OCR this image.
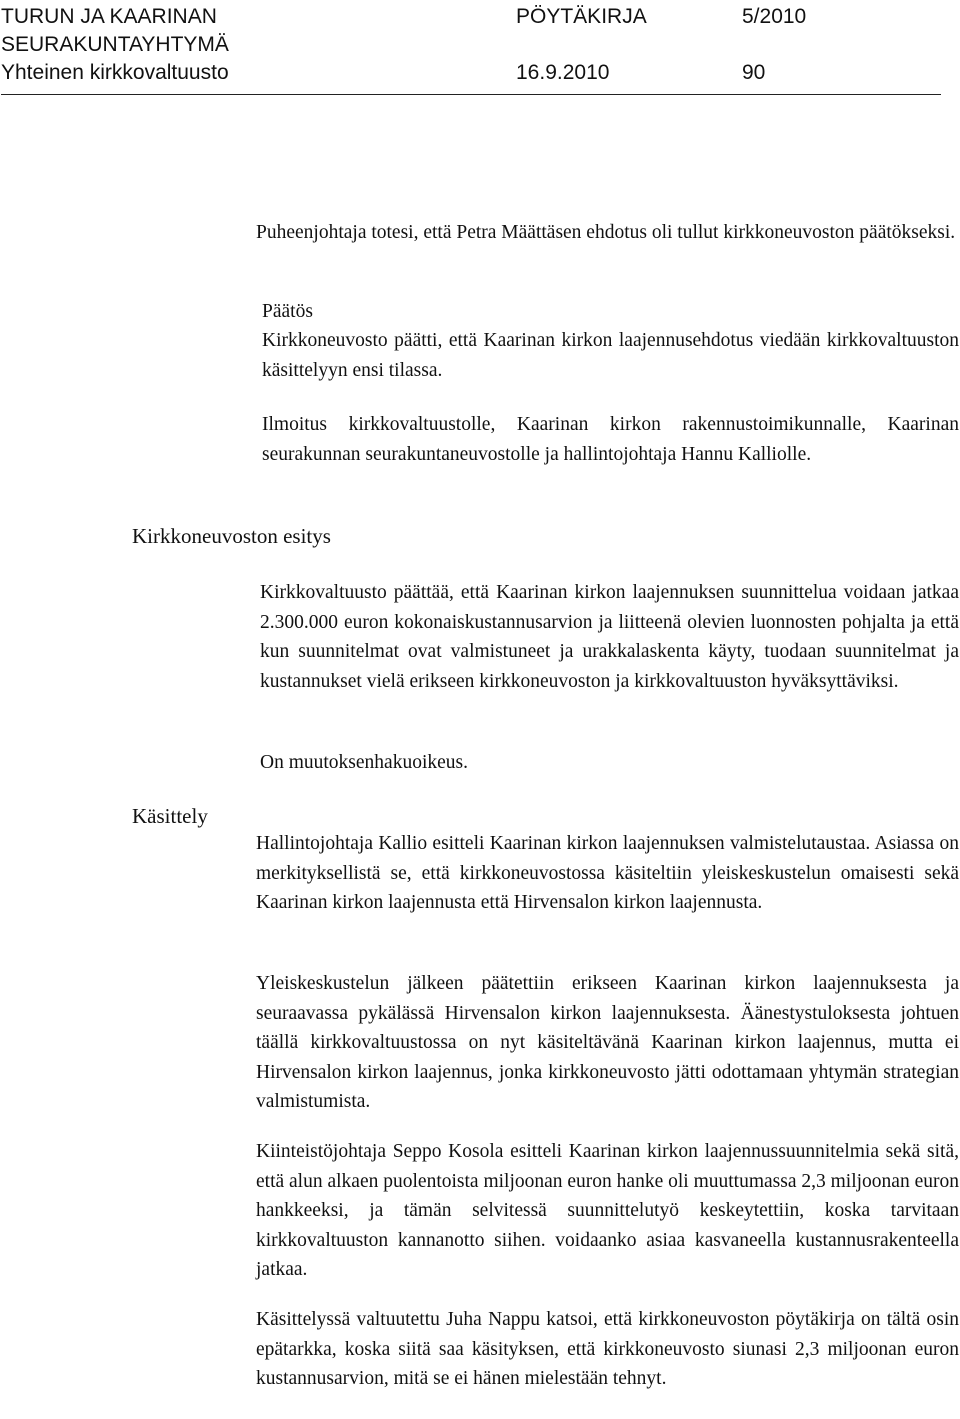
TURUN JA KAARINAN
SEURAKUNTAYHTYMÄ
Yhteinen kirkkovaltuusto
PÖYTÄKIRJA	5/2010
16.9.2010	90

Puheenjohtaja totesi, että Petra Määttäsen ehdotus oli tullut kirkkoneuvoston päätökseksi.

Päätös

Kirkkoneuvosto päätti, että Kaarinan kirkon laajennusehdotus viedään kirkkovaltuuston käsittelyyn ensi tilassa.

Ilmoitus kirkkovaltuustolle, Kaarinan kirkon rakennustoimikunnalle, Kaarinan seurakunnan seurakuntaneuvostolle ja hallintojohtaja Hannu Kalliolle.

Kirkkoneuvoston esitys

Kirkkovaltuusto päättää, että Kaarinan kirkon laajennuksen suunnittelua voidaan jatkaa 2.300.000 euron kokonaiskustannusarvion ja liitteenä olevien luonnosten pohjalta ja että kun suunnitelmat ovat valmistuneet ja urakkalaskenta käyty, tuodaan suunnitelmat ja kustannukset vielä erikseen kirkkoneuvoston ja kirkkovaltuuston hyväksyttäviksi.

On muutoksenhakuoikeus.
Käsittely

Hallintojohtaja Kallio esitteli Kaarinan kirkon laajennuksen valmistelutaustaa. Asiassa on merkityksellistä se, että kirkkoneuvostossa käsiteltiin yleiskeskustelun omaisesti sekä Kaarinan kirkon laajennusta että Hirvensalon kirkon laajennusta.

Yleiskeskustelun jälkeen päätettiin erikseen Kaarinan kirkon laajennuksesta ja seuraavassa pykälässä Hirvensalon kirkon laajennuksesta. Äänestystuloksesta johtuen täällä kirkkovaltuustossa on nyt käsiteltävänä Kaarinan kirkon laajennus, mutta ei Hirvensalon kirkon laajennus, jonka kirkkoneuvosto jätti odottamaan yhtymän strategian valmistumista.

Kiinteistöjohtaja Seppo Kosola esitteli Kaarinan kirkon laajennussuunnitelmia sekä sitä, että alun alkaen puolentoista miljoonan euron hanke oli muuttumassa 2,3 miljoonan euron hankkeeksi, ja tämän selvitessä suunnittelutyö keskeytettiin, koska tarvitaan kirkkovaltuuston kannanotto siihen. voidaanko asiaa kasvaneella kustannusrakenteella jatkaa.

Käsittelyssä valtuutettu Juha Nappu katsoi, että kirkkoneuvoston pöytäkirja on tältä osin epätarkka, koska siitä saa käsityksen, että kirkkoneuvosto siunasi 2,3 miljoonan euron kustannusarvion, mitä se ei hänen mielestään tehnyt.
